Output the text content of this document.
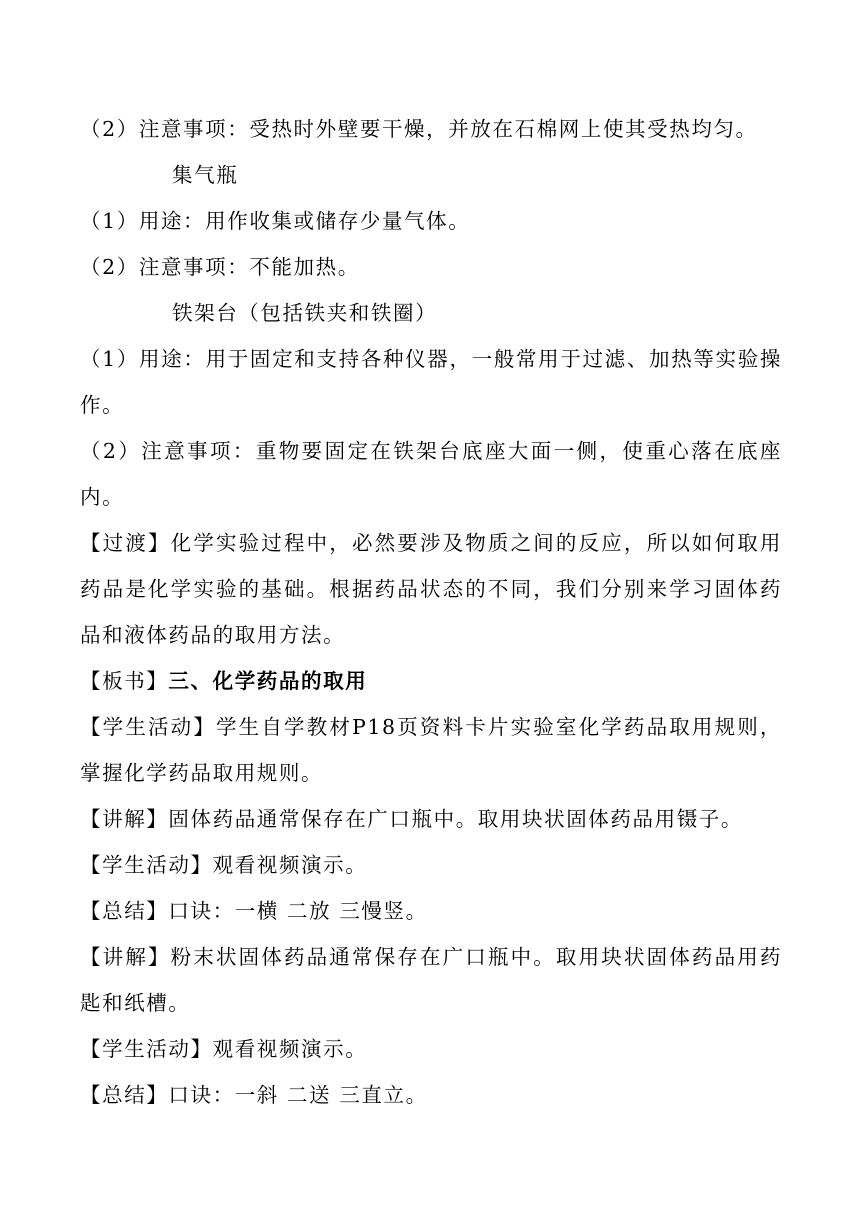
（2）注意事项：受热时外壁要干燥，并放在石棉网上使其受热均匀。

集气瓶

（1）用途：用作收集或储存少量气体。

（2）注意事项：不能加热。

铁架台（包括铁夹和铁圈）

（1）用途：用于固定和支持各种仪器，一般常用于过滤、加热等实验操作。

（2）注意事项：重物要固定在铁架台底座大面一侧，使重心落在底座内。

【过渡】化学实验过程中，必然要涉及物质之间的反应，所以如何取用药品是化学实验的基础。根据药品状态的不同，我们分别来学习固体药品和液体药品的取用方法。

【板书】三、化学药品的取用

【学生活动】学生自学教材P18页资料卡片实验室化学药品取用规则，掌握化学药品取用规则。

【讲解】固体药品通常保存在广口瓶中。取用块状固体药品用镊子。

【学生活动】观看视频演示。

【总结】口诀：一横 二放 三慢竖。

【讲解】粉末状固体药品通常保存在广口瓶中。取用块状固体药品用药匙和纸槽。

【学生活动】观看视频演示。

【总结】口诀：一斜 二送 三直立。
